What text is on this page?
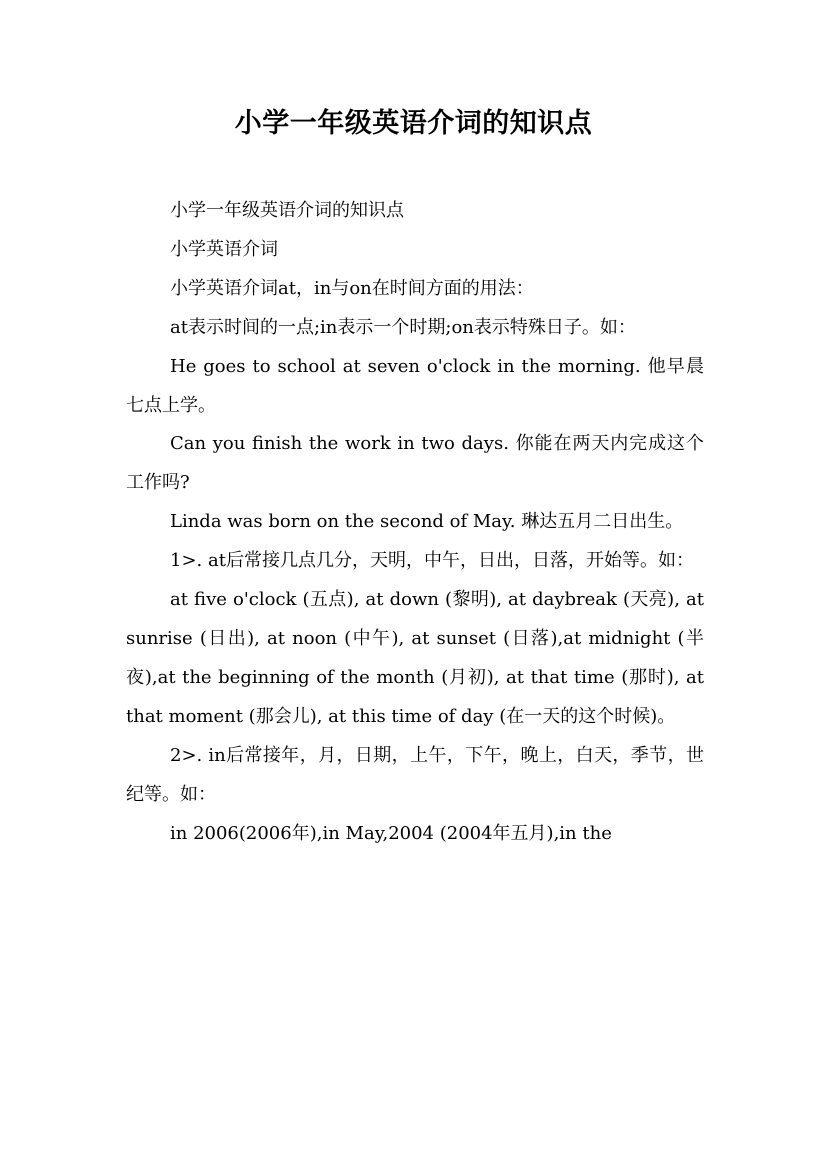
小学一年级英语介词的知识点

小学一年级英语介词的知识点

小学英语介词

小学英语介词at，in与on在时间方面的用法：

at表示时间的一点;in表示一个时期;on表示特殊日子。如：

He goes to school at seven o'clock in the morning. 他早晨七点上学。

Can you finish the work in two days. 你能在两天内完成这个工作吗?

Linda was born on the second of May. 琳达五月二日出生。

1>. at后常接几点几分，天明，中午，日出，日落，开始等。如：

at five o'clock (五点), at down (黎明), at daybreak (天亮), at sunrise (日出), at noon (中午), at sunset (日落),at midnight (半夜),at the beginning of the month (月初), at that time (那时), at that moment (那会儿), at this time of day (在一天的这个时候)。

2>. in后常接年，月，日期，上午，下午，晚上，白天，季节，世纪等。如：

in 2006(2006年),in May,2004 (2004年五月),in the
